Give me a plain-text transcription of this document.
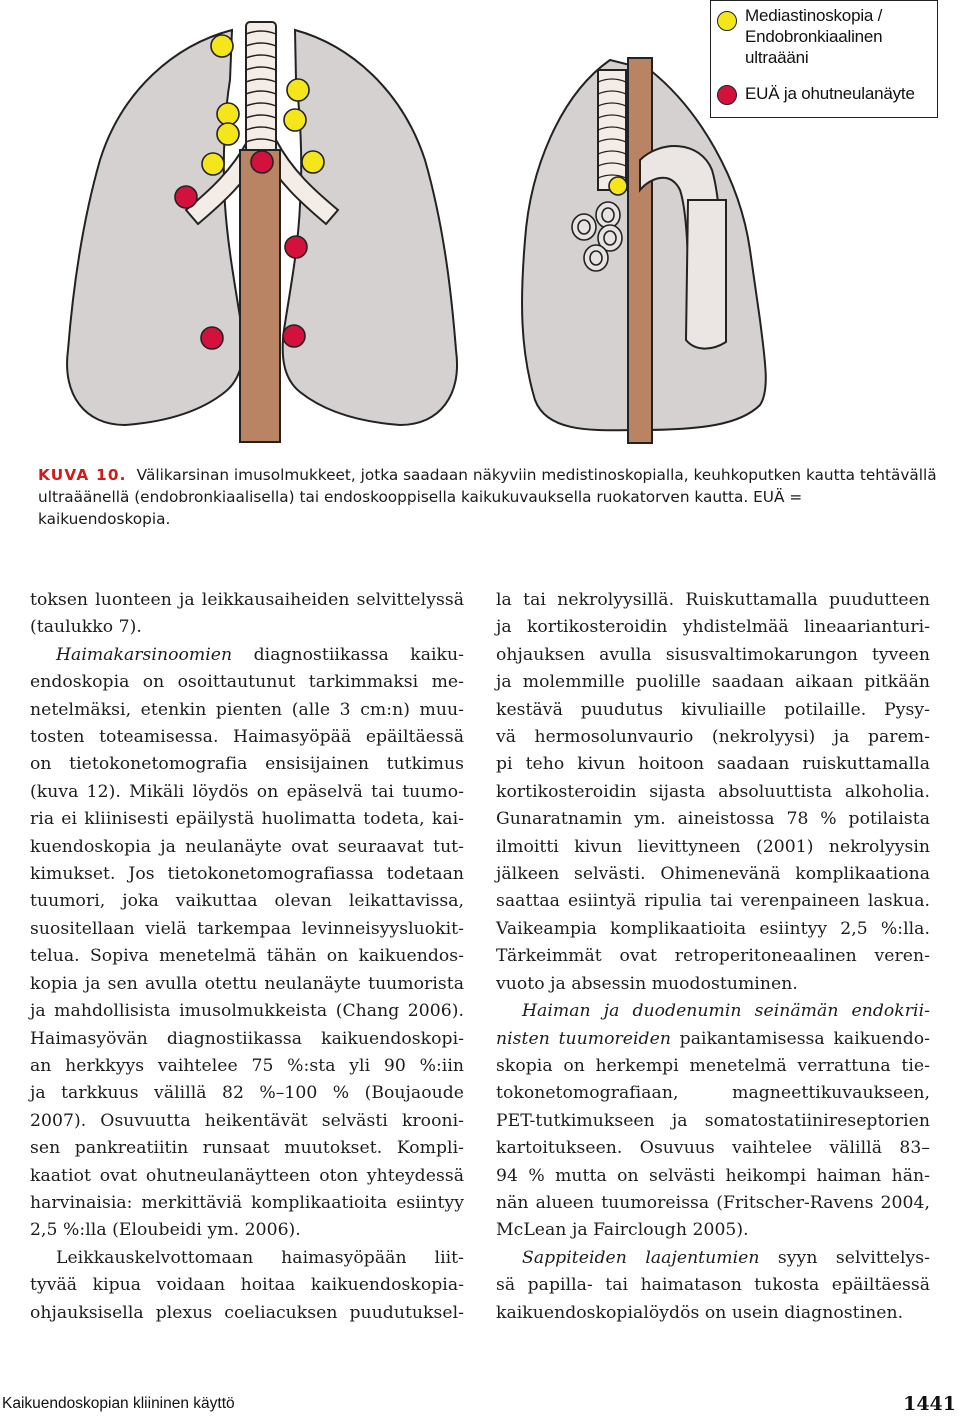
Mediastinoskopia /
Endobronkiaalinen
ultraääni
EUÄ ja ohutneulanäyte
KUVA 10. Välikarsinan imusolmukkeet, jotka saadaan näkyviin medistinoskopialla, keuhkoputken kautta tehtävällä
ultraäänellä (endobronkiaalisella) tai endoskooppisella kaikukuvauksella ruokatorven kautta. EUÄ = kaikuendoskopia.

toksen luonteen ja leikkausaiheiden selvittelyssä
(taulukko 7).

Haimakarsinoomien diagnostiikassa kaiku-
endoskopia on osoittautunut tarkimmaksi me-
netelmäksi, etenkin pienten (alle 3 cm:n) muu-
tosten toteamisessa. Haimasyöpää epäiltäessä
on tietokonetomografia ensisijainen tutkimus
(kuva 12). Mikäli löydös on epäselvä tai tuumo-
ria ei kliinisesti epäilystä huolimatta todeta, kai-
kuendoskopia ja neulanäyte ovat seuraavat tut-
kimukset. Jos tietokonetomografiassa todetaan
tuumori, joka vaikuttaa olevan leikattavissa,
suositellaan vielä tarkempaa levinneisyysluokit-
telua. Sopiva menetelmä tähän on kaikuendos-
kopia ja sen avulla otettu neulanäyte tuumorista
ja mahdollisista imusolmukkeista (Chang 2006).
Haimasyövän diagnostiikassa kaikuendoskopi-
an herkkyys vaihtelee 75 %:sta yli 90 %:iin
ja tarkkuus välillä 82 %–100 % (Boujaoude
2007). Osuvuutta heikentävät selvästi krooni-
sen pankreatiitin runsaat muutokset. Kompli-
kaatiot ovat ohutneulanäytteen oton yhteydessä
harvinaisia: merkittäviä komplikaatioita esiintyy
2,5 %:lla (Eloubeidi ym. 2006).

Leikkauskelvottomaan haimasyöpään liit-
tyvää kipua voidaan hoitaa kaikuendoskopia-
ohjauksisella plexus coeliacuksen puudutuksel-

la tai nekrolyysillä. Ruiskuttamalla puudutteen
ja kortikosteroidin yhdistelmää lineaarianturi-
ohjauksen avulla sisusvaltimokarungon tyveen
ja molemmille puolille saadaan aikaan pitkään
kestävä puudutus kivuliaille potilaille. Pysy-
vä hermosolunvaurio (nekrolyysi) ja parem-
pi teho kivun hoitoon saadaan ruiskuttamalla
kortikosteroidin sijasta absoluuttista alkoholia.
Gunaratnamin ym. aineistossa 78 % potilaista
ilmoitti kivun lievittyneen (2001) nekrolyysin
jälkeen selvästi. Ohimenevänä komplikaationa
saattaa esiintyä ripulia tai verenpaineen laskua.
Vaikeampia komplikaatioita esiintyy 2,5 %:lla.
Tärkeimmät ovat retroperitoneaalinen veren-
vuoto ja absessin muodostuminen.

Haiman ja duodenumin seinämän endokrii-
nisten tuumoreiden paikantamisessa kaikuendo-
skopia on herkempi menetelmä verrattuna tie-
tokonetomografiaan, magneettikuvaukseen,
PET-tutkimukseen ja somatostatiinireseptorien
kartoitukseen. Osuvuus vaihtelee välillä 83–
94 % mutta on selvästi heikompi haiman hän-
nän alueen tuumoreissa (Fritscher-Ravens 2004,
McLean ja Fairclough 2005).

Sappiteiden laajentumien syyn selvittelys-
sä papilla- tai haimatason tukosta epäiltäessä
kaikuendoskopialöydös on usein diagnostinen.

Kaikuendoskopian kliininen käyttö	1441
